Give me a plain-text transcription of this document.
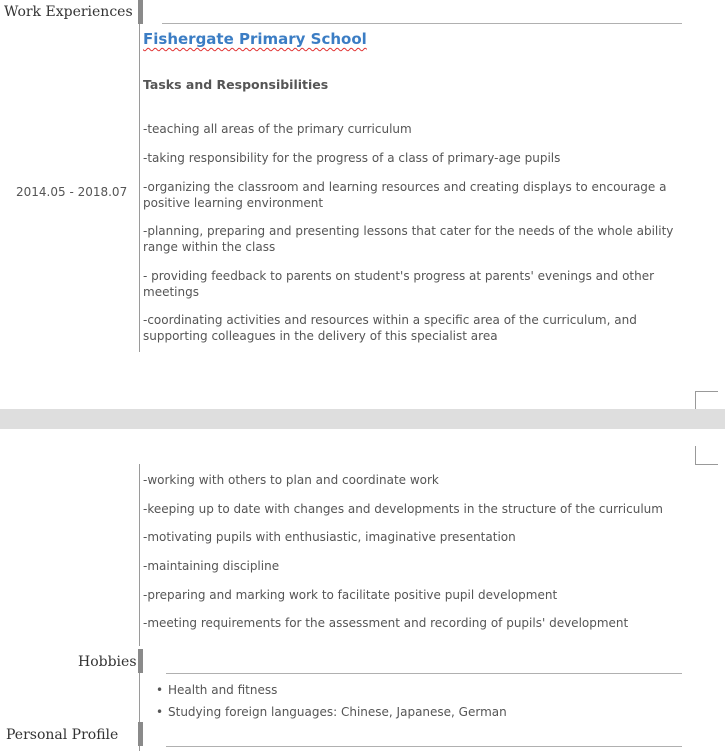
Work Experiences
Fishergate Primary School
Tasks and Responsibilities
2014.05 - 2018.07
-teaching all areas of the primary curriculum
-taking responsibility for the progress of a class of primary-age pupils
-organizing the classroom and learning resources and creating displays to encourage a positive learning environment
-planning, preparing and presenting lessons that cater for the needs of the whole ability range within the class
- providing feedback to parents on student's progress at parents' evenings and other meetings
-coordinating activities and resources within a specific area of the curriculum, and supporting colleagues in the delivery of this specialist area
-working with others to plan and coordinate work
-keeping up to date with changes and developments in the structure of the curriculum
-motivating pupils with enthusiastic, imaginative presentation
-maintaining discipline
-preparing and marking work to facilitate positive pupil development
-meeting requirements for the assessment and recording of pupils' development
Hobbies
• Health and fitness
• Studying foreign languages: Chinese, Japanese, German
Personal Profile
